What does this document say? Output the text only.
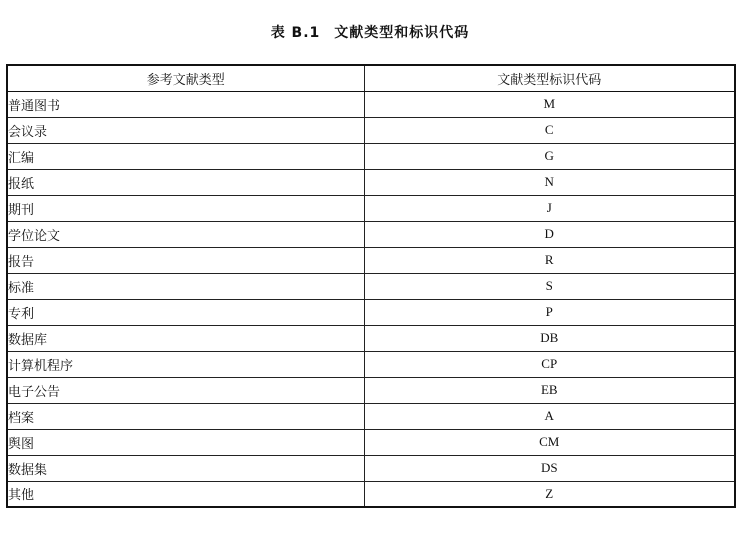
表 B.1 文献类型和标识代码
参考文献类型	文献类型标识代码
普通图书	M
会议录	C
汇编	G
报纸	N
期刊	J
学位论文	D
报告	R
标准	S
专利	P
数据库	DB
计算机程序	CP
电子公告	EB
档案	A
舆图	CM
数据集	DS
其他	Z
